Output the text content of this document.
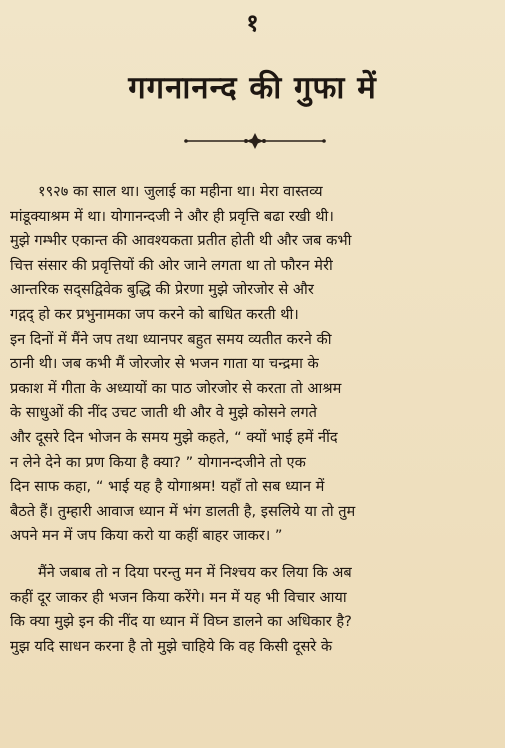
१
गगनानन्द की गुफा में

१९२७ का साल था। जुलाई का महीना था। मेरा वास्तव्य
मांडूक्याश्रम में था। योगानन्दजी ने और ही प्रवृत्ति बढा रखी थी।
मुझे गम्भीर एकान्त की आवश्यकता प्रतीत होती थी और जब कभी
चित्त संसार की प्रवृत्तियों की ओर जाने लगता था तो फौरन मेरी
आन्तरिक सद्सद्विवेक बुद्धि की प्रेरणा मुझे जोरजोर से और
गद्गद् हो कर प्रभुनामका जप करने को बाधित करती थी।
इन दिनों में मैंने जप तथा ध्यानपर बहुत समय व्यतीत करने की
ठानी थी। जब कभी मैं जोरजोर से भजन गाता या चन्द्रमा के
प्रकाश में गीता के अध्यायों का पाठ जोरजोर से करता तो आश्रम
के साधुओं की नींद उचट जाती थी और वे मुझे कोसने लगते
और दूसरे दिन भोजन के समय मुझे कहते, “ क्यों भाई हमें नींद
न लेने देने का प्रण किया है क्या? ” योगानन्दजीने तो एक
दिन साफ कहा, “ भाई यह है योगाश्रम! यहाँ तो सब ध्यान में
बैठते हैं। तुम्हारी आवाज ध्यान में भंग डालती है, इसलिये या तो तुम
अपने मन में जप किया करो या कहीं बाहर जाकर। ”

मैंने जबाब तो न दिया परन्तु मन में निश्चय कर लिया कि अब
कहीं दूर जाकर ही भजन किया करेंगे। मन में यह भी विचार आया
कि क्या मुझे इन की नींद या ध्यान में विघ्न डालने का अधिकार है?
मुझ यदि साधन करना है तो मुझे चाहिये कि वह किसी दूसरे के
